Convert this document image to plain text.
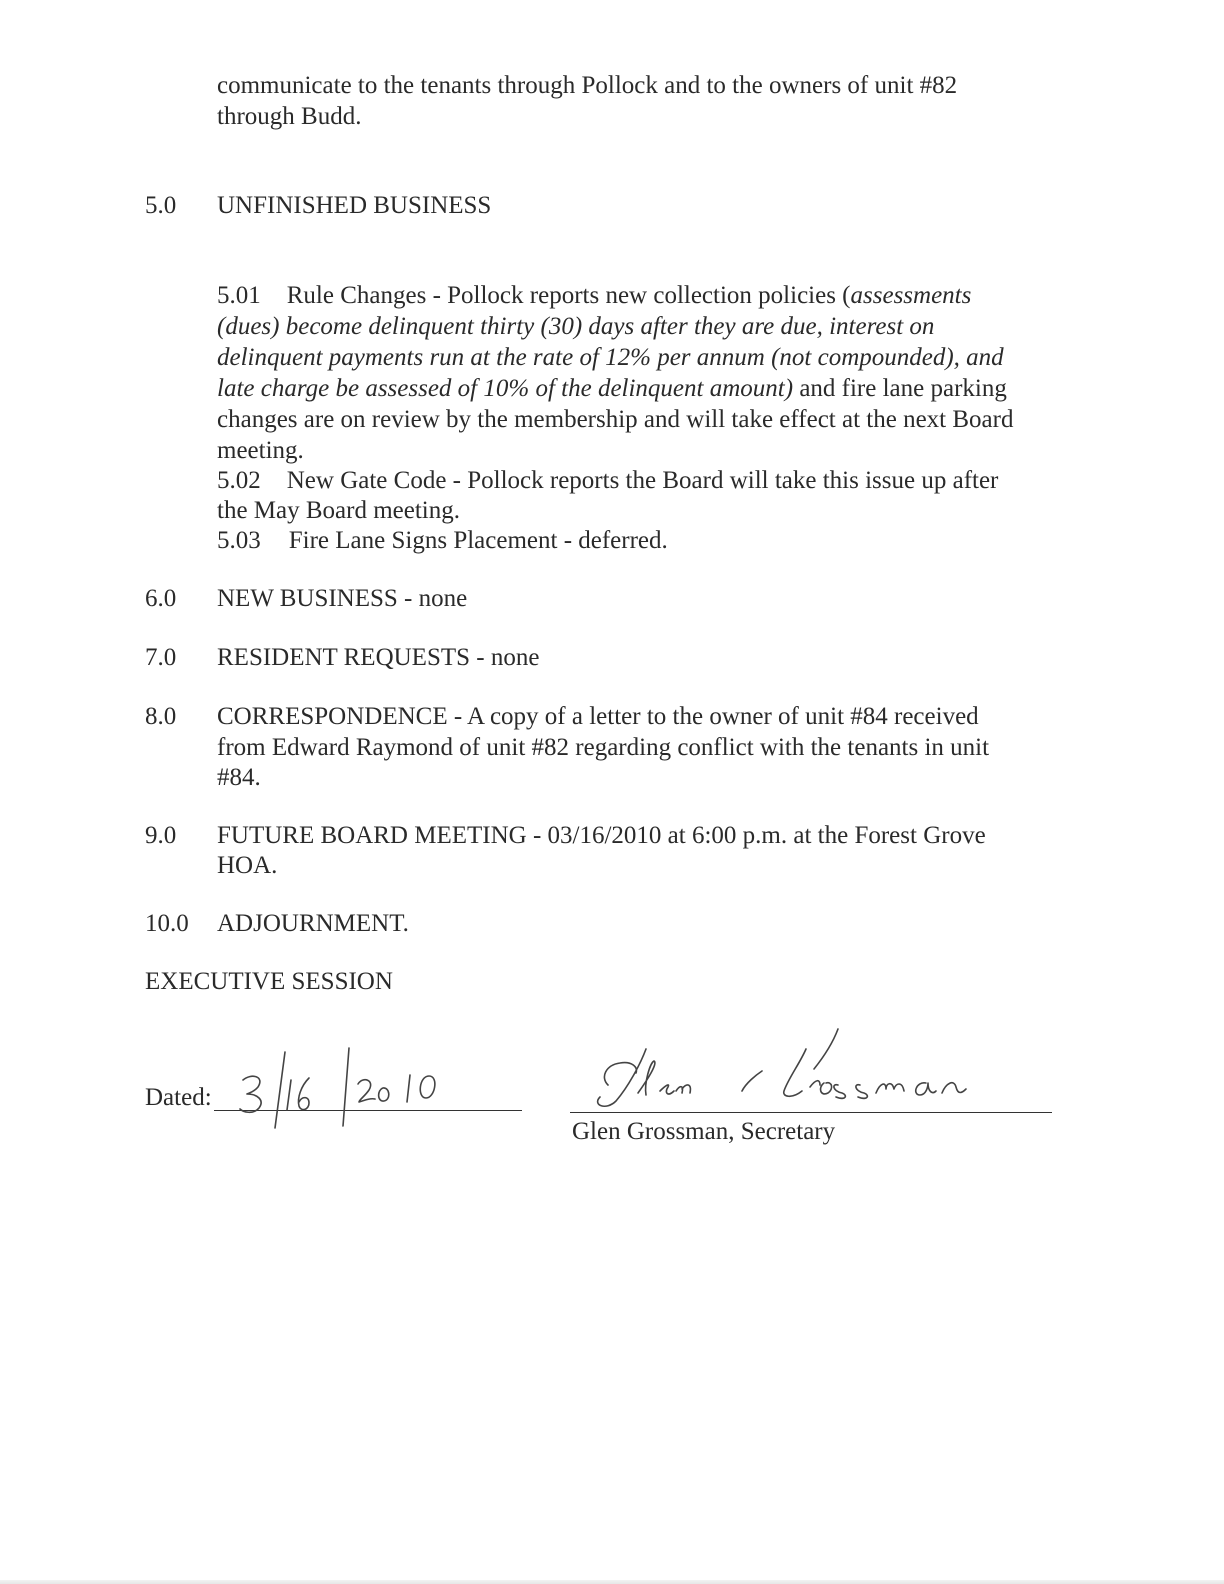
communicate to the tenants through Pollock and to the owners of unit #82
through Budd.
5.0 UNFINISHED BUSINESS
5.01 Rule Changes - Pollock reports new collection policies (assessments
(dues) become delinquent thirty (30) days after they are due, interest on
delinquent payments run at the rate of 12% per annum (not compounded), and
late charge be assessed of 10% of the delinquent amount) and fire lane parking
changes are on review by the membership and will take effect at the next Board
meeting.
5.02 New Gate Code - Pollock reports the Board will take this issue up after
the May Board meeting.
5.03 Fire Lane Signs Placement - deferred.
6.0 NEW BUSINESS - none
7.0 RESIDENT REQUESTS - none
8.0 CORRESPONDENCE - A copy of a letter to the owner of unit #84 received
from Edward Raymond of unit #82 regarding conflict with the tenants in unit
#84.
9.0 FUTURE BOARD MEETING - 03/16/2010 at 6:00 p.m. at the Forest Grove
HOA.
10.0 ADJOURNMENT.
EXECUTIVE SESSION
Dated:
Glen Grossman, Secretary
